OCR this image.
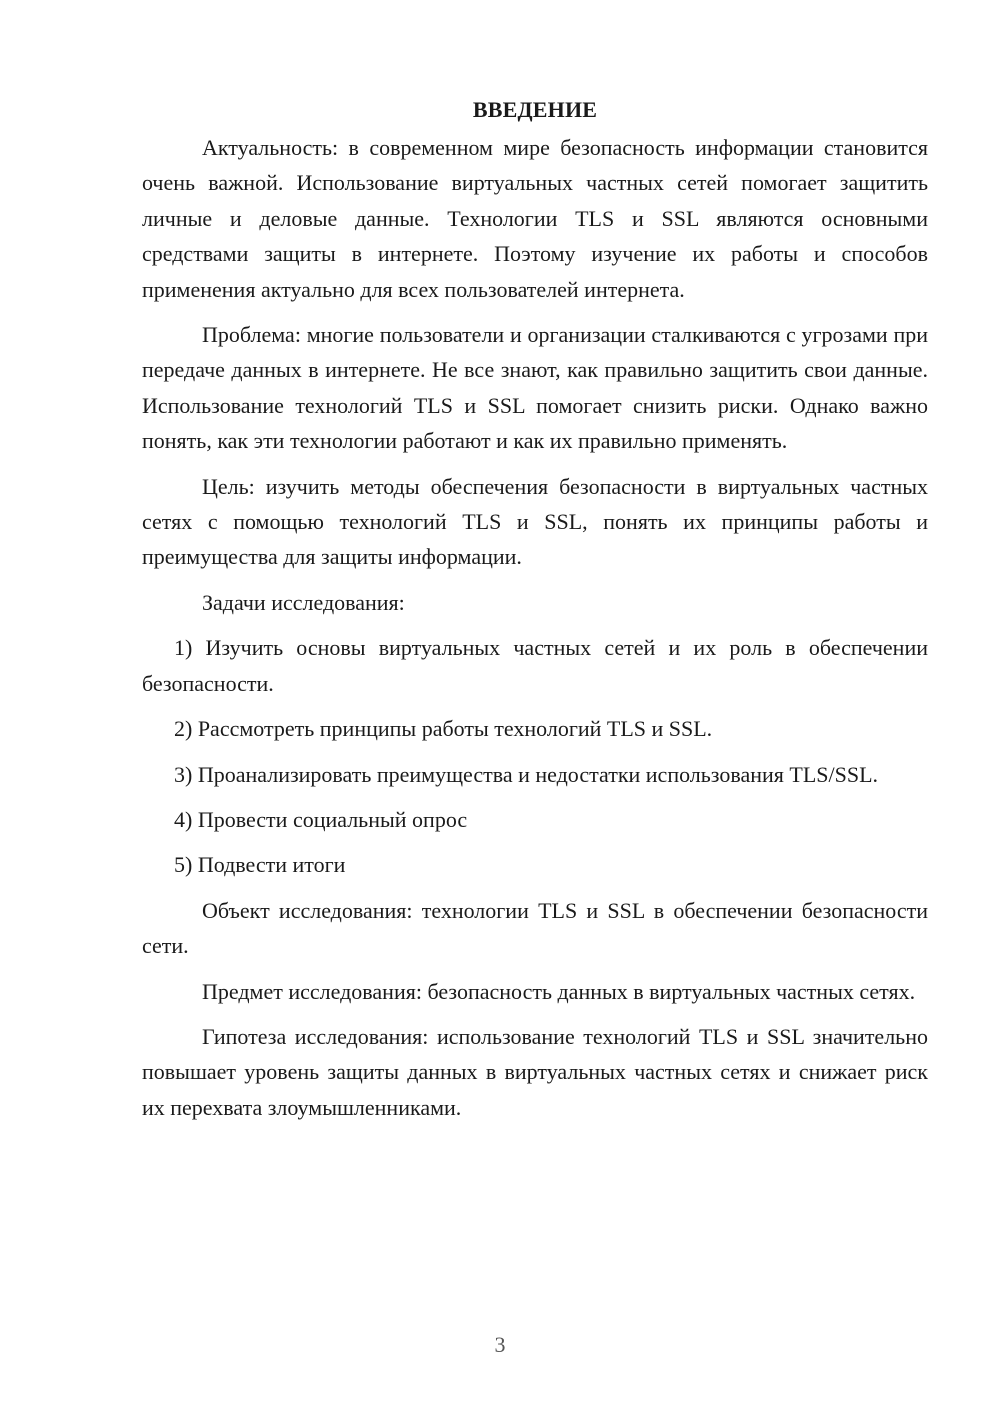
ВВЕДЕНИЕ

Актуальность: в современном мире безопасность информации становится очень важной. Использование виртуальных частных сетей помогает защитить личные и деловые данные. Технологии TLS и SSL являются основными средствами защиты в интернете. Поэтому изучение их работы и способов применения актуально для всех пользователей интернета.

Проблема: многие пользователи и организации сталкиваются с угрозами при передаче данных в интернете. Не все знают, как правильно защитить свои данные. Использование технологий TLS и SSL помогает снизить риски. Однако важно понять, как эти технологии работают и как их правильно применять.

Цель: изучить методы обеспечения безопасности в виртуальных частных сетях с помощью технологий TLS и SSL, понять их принципы работы и преимущества для защиты информации.

Задачи исследования:

1) Изучить основы виртуальных частных сетей и их роль в обеспечении безопасности.

2) Рассмотреть принципы работы технологий TLS и SSL.

3) Проанализировать преимущества и недостатки использования TLS/SSL.

4) Провести социальный опрос

5) Подвести итоги

Объект исследования: технологии TLS и SSL в обеспечении безопасности сети.

Предмет исследования: безопасность данных в виртуальных частных сетях.

Гипотеза исследования: использование технологий TLS и SSL значительно повышает уровень защиты данных в виртуальных частных сетях и снижает риск их перехвата злоумышленниками.

3
